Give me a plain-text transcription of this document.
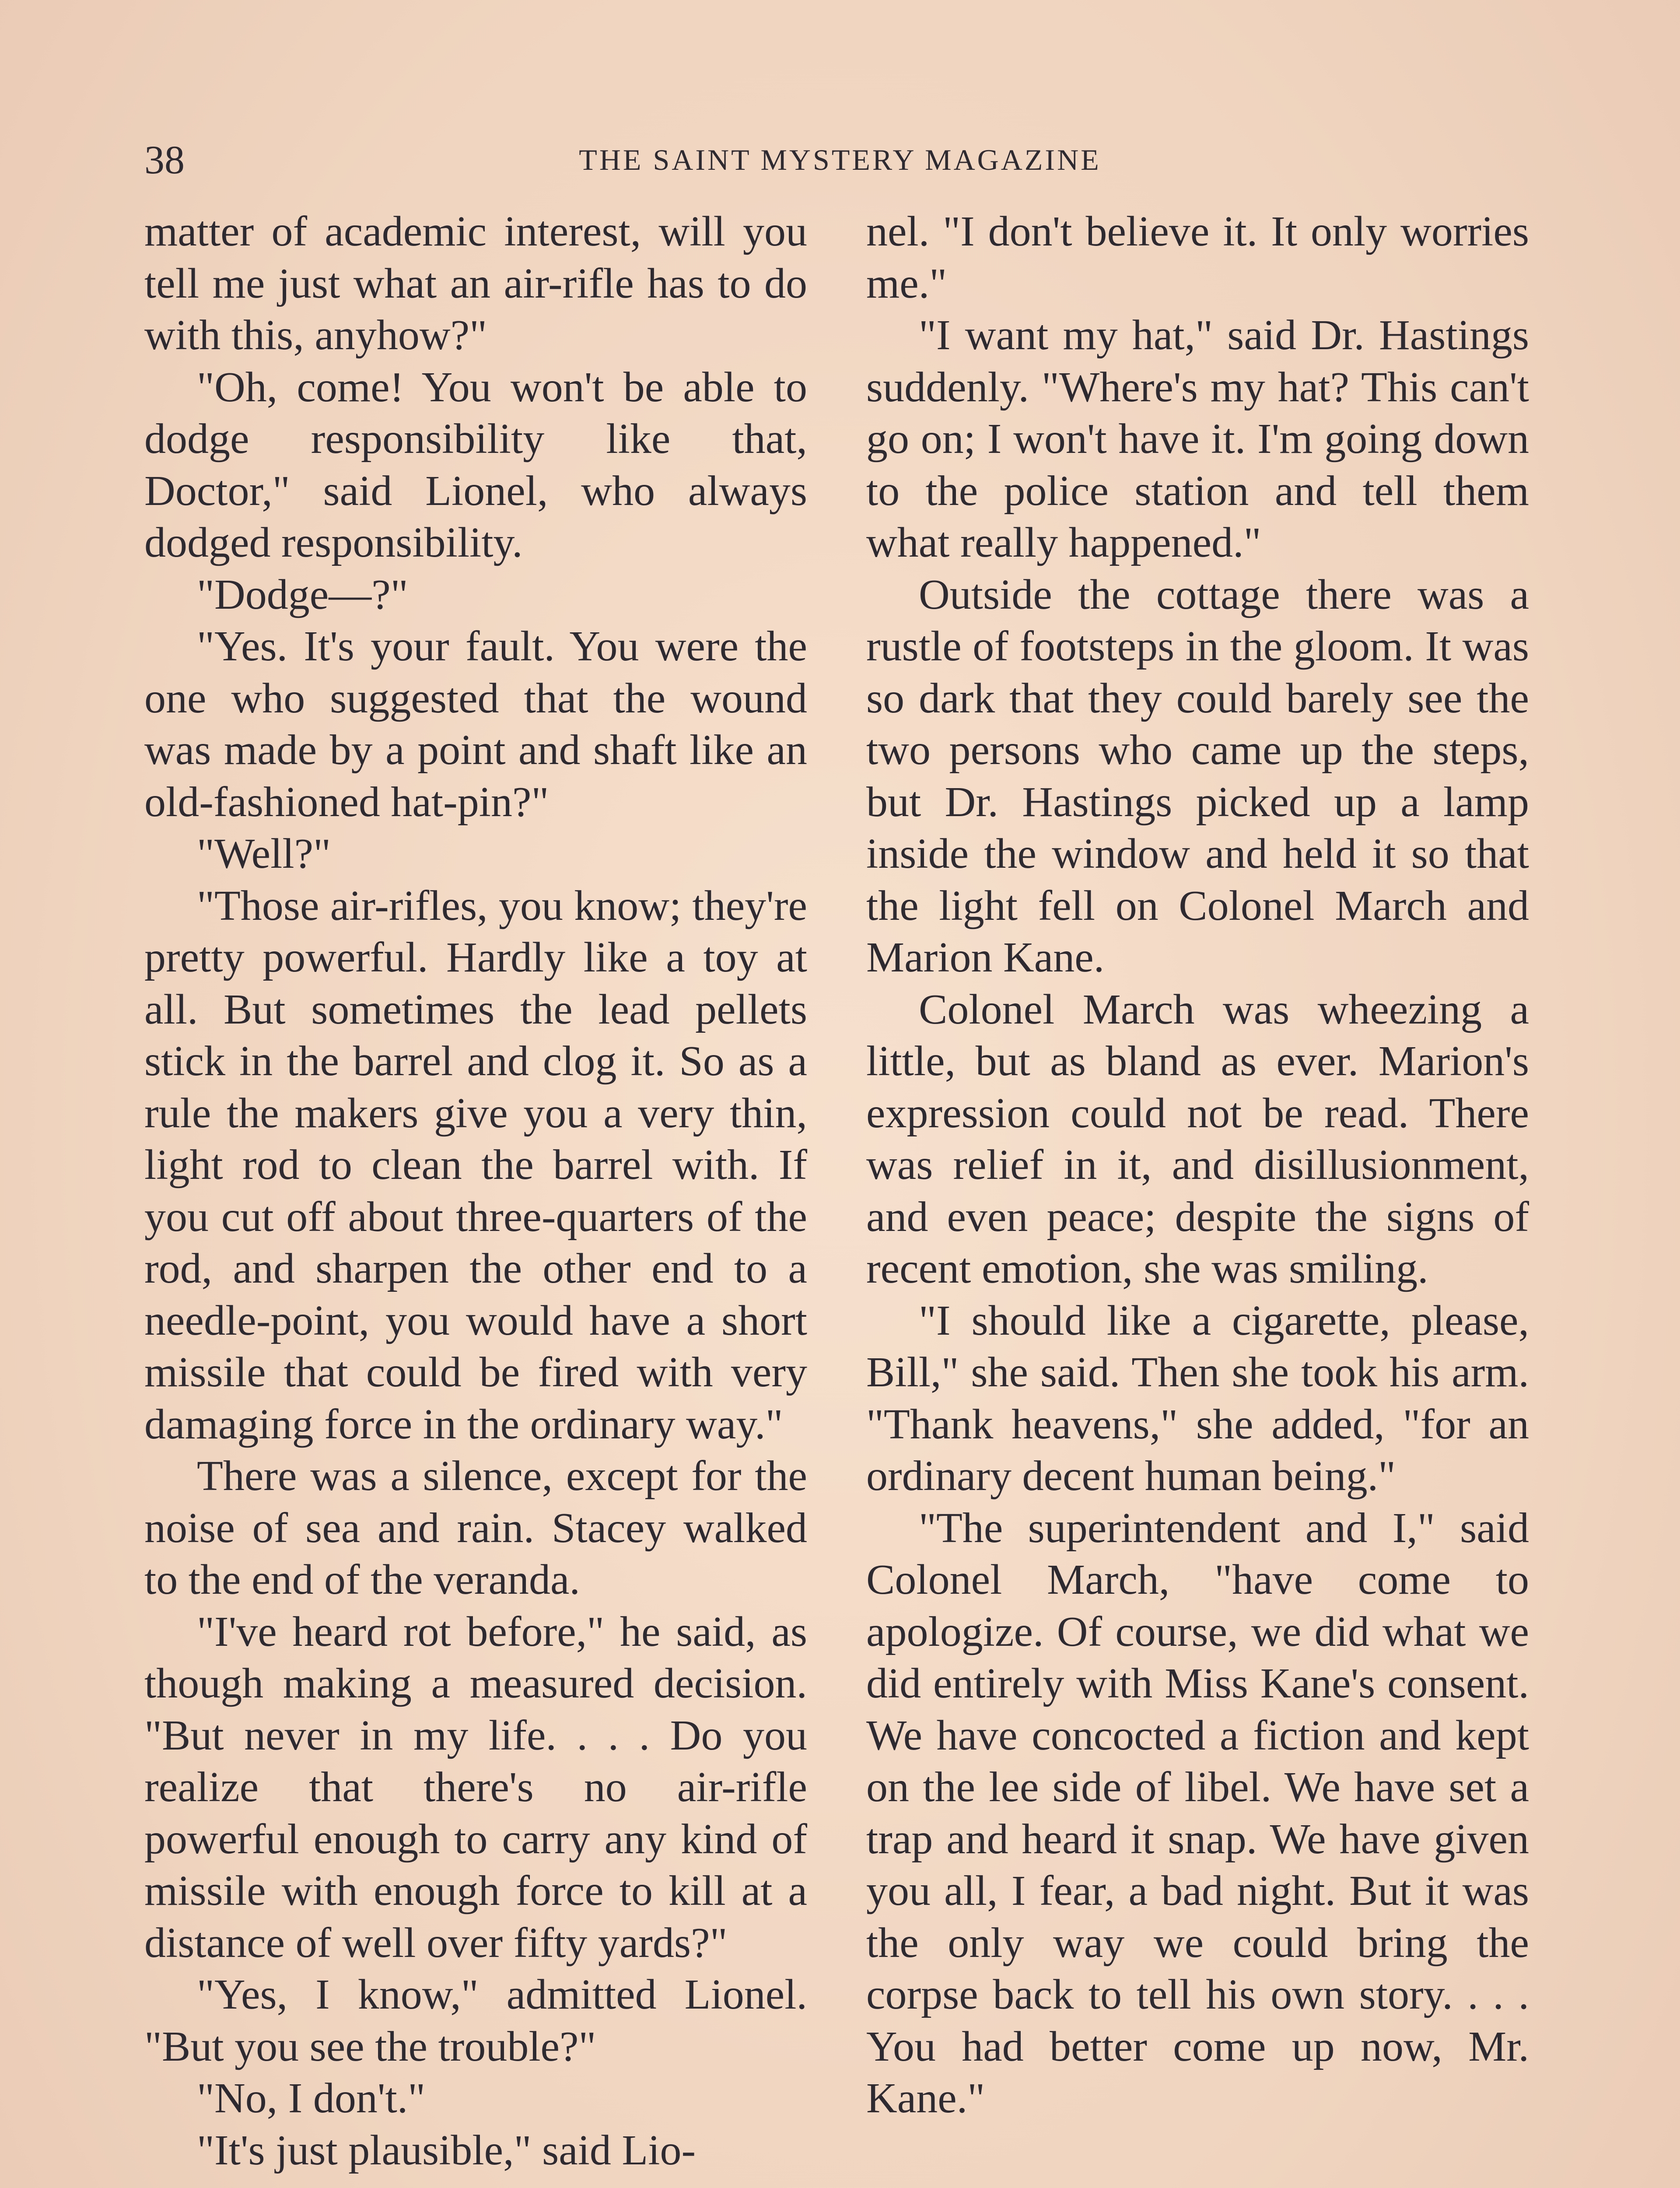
38	THE SAINT MYSTERY MAGAZINE

matter of academic interest, will you tell me just what an air-rifle has to do with this, anyhow?"

"Oh, come! You won't be able to dodge responsibility like that, Doctor," said Lionel, who always dodged responsibility.

"Dodge—?"

"Yes. It's your fault. You were the one who suggested that the wound was made by a point and shaft like an old-fashioned hat-pin?"

"Well?"

"Those air-rifles, you know; they're pretty powerful. Hardly like a toy at all. But sometimes the lead pellets stick in the barrel and clog it. So as a rule the makers give you a very thin, light rod to clean the barrel with. If you cut off about three-quarters of the rod, and sharpen the other end to a needle-point, you would have a short missile that could be fired with very damaging force in the ordinary way."

There was a silence, except for the noise of sea and rain. Stacey walked to the end of the veranda.

"I've heard rot before," he said, as though making a measured decision. "But never in my life. . . . Do you realize that there's no air-rifle powerful enough to carry any kind of missile with enough force to kill at a distance of well over fifty yards?"

"Yes, I know," admitted Lionel. "But you see the trouble?"

"No, I don't."

"It's just plausible," said Lio-

nel. "I don't believe it. It only worries me."

"I want my hat," said Dr. Hastings suddenly. "Where's my hat? This can't go on; I won't have it. I'm going down to the police station and tell them what really happened."

Outside the cottage there was a rustle of footsteps in the gloom. It was so dark that they could barely see the two persons who came up the steps, but Dr. Hastings picked up a lamp inside the window and held it so that the light fell on Colonel March and Marion Kane.

Colonel March was wheezing a little, but as bland as ever. Marion's expression could not be read. There was relief in it, and disillusionment, and even peace; despite the signs of recent emotion, she was smiling.

"I should like a cigarette, please, Bill," she said. Then she took his arm. "Thank heavens," she added, "for an ordinary decent human being."

"The superintendent and I," said Colonel March, "have come to apologize. Of course, we did what we did entirely with Miss Kane's consent. We have concocted a fiction and kept on the lee side of libel. We have set a trap and heard it snap. We have given you all, I fear, a bad night. But it was the only way we could bring the corpse back to tell his own story. . . . You had better come up now, Mr. Kane."
